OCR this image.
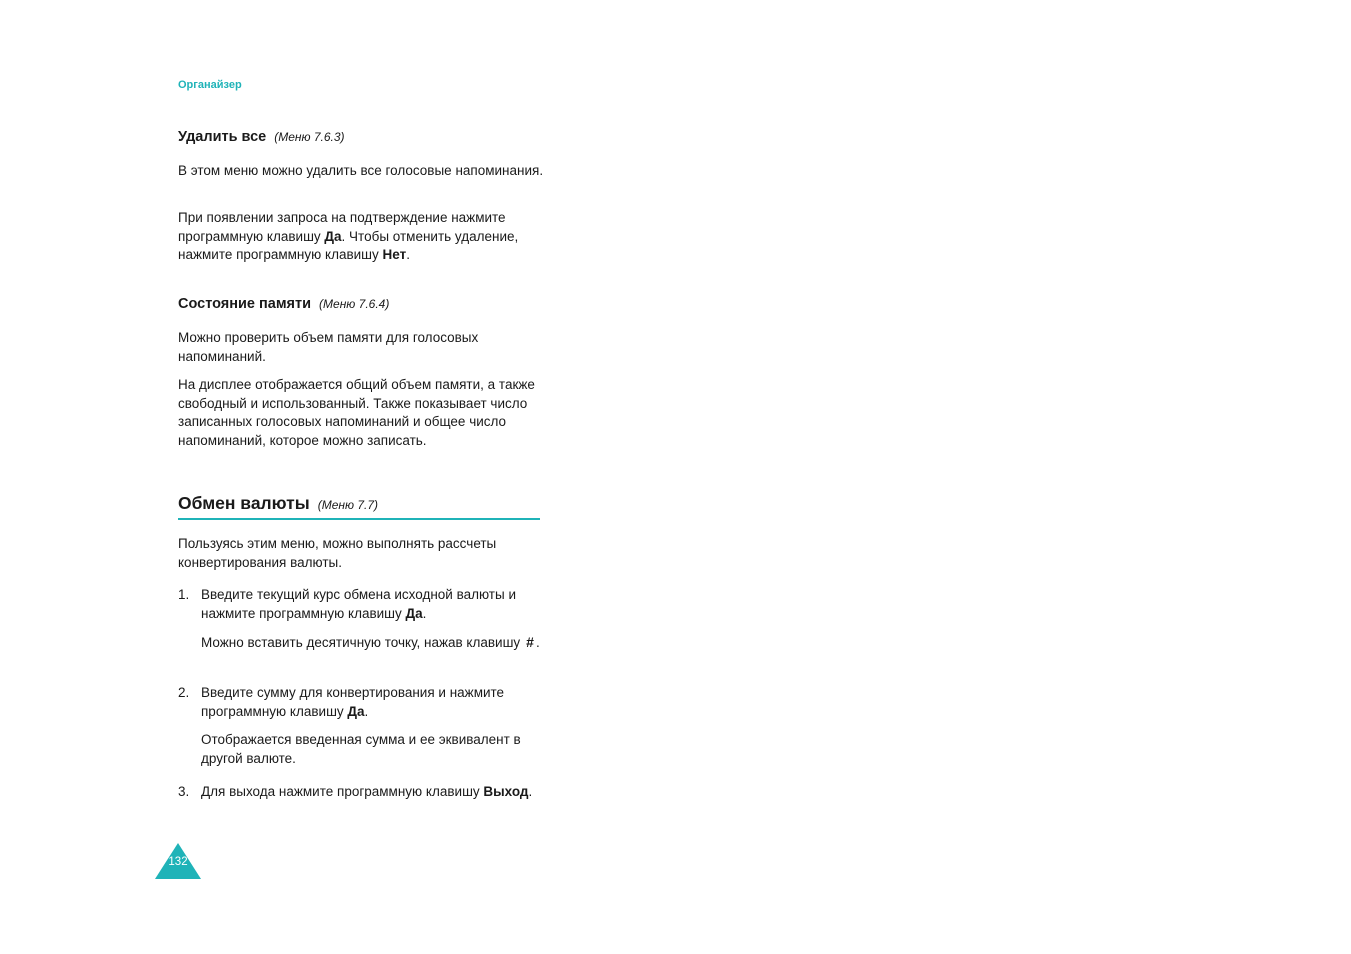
Органайзер
Удалить все (Меню 7.6.3)
В этом меню можно удалить все голосовые напоминания.
При появлении запроса на подтверждение нажмите программную клавишу Да. Чтобы отменить удаление, нажмите программную клавишу Нет.
Состояние памяти (Меню 7.6.4)
Можно проверить объем памяти для голосовых напоминаний.
На дисплее отображается общий объем памяти, а также свободный и использованный. Также показывает число записанных голосовых напоминаний и общее число напоминаний, которое можно записать.
Обмен валюты (Меню 7.7)
Пользуясь этим меню, можно выполнять рассчеты конвертирования валюты.
1. Введите текущий курс обмена исходной валюты и нажмите программную клавишу Да.
Можно вставить десятичную точку, нажав клавишу # .
2. Введите сумму для конвертирования и нажмите программную клавишу Да.
Отображается введенная сумма и ее эквивалент в другой валюте.
3. Для выхода нажмите программную клавишу Выход.
132
